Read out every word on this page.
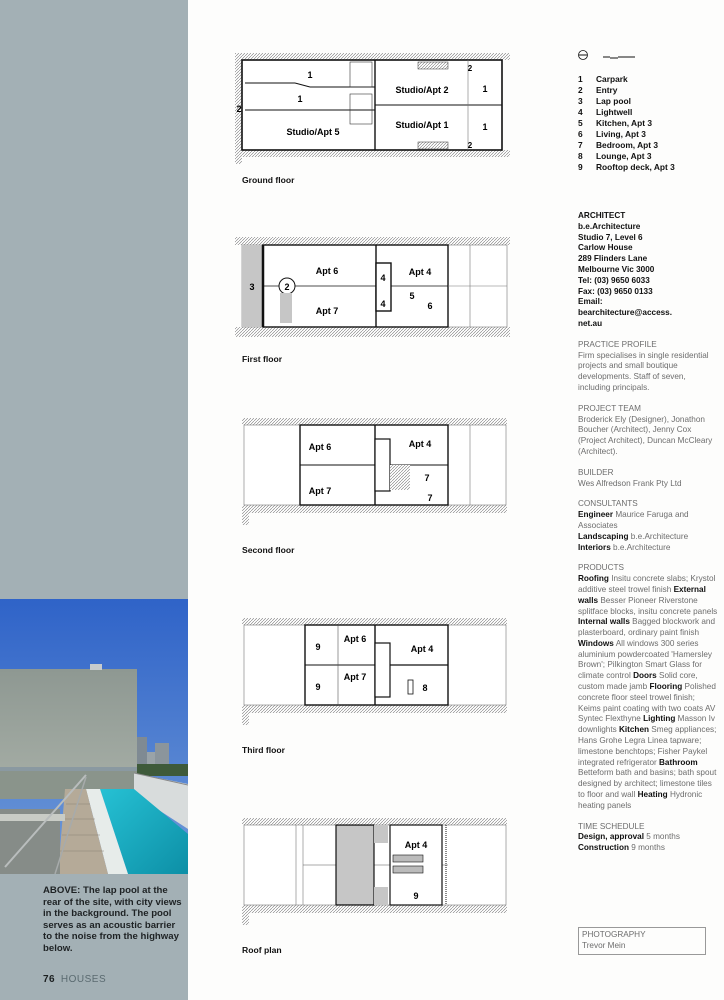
ABOVE: The lap pool at the rear of the site, with city views in the background. The pool serves as an acoustic barrier to the noise from the highway below.
76 HOUSES
1
1
2
Studio/Apt 5
Studio/Apt 2
Studio/Apt 1
1
1
2
2
Ground floor
3	2
Apt 6
Apt 7
4
4
Apt 4
5
6
First floor
Apt 6
Apt 7
Apt 4
7
7
Second floor
9
9
Apt 6
Apt 7
Apt 4
8
Third floor
Apt 4
9
Roof plan
1 Carpark
2 Entry
3 Lap pool
4 Lightwell
5 Kitchen, Apt 3
6 Living, Apt 3
7 Bedroom, Apt 3
8 Lounge, Apt 3
9 Rooftop deck, Apt 3
ARCHITECT
b.e.Architecture
Studio 7, Level 6
Carlow House
289 Flinders Lane
Melbourne Vic 3000
Tel: (03) 9650 6033
Fax: (03) 9650 0133
Email:
bearchitecture@access.
net.au
PRACTICE PROFILE
Firm specialises in single residential projects and small boutique developments. Staff of seven, including principals.
PROJECT TEAM
Broderick Ely (Designer), Jonathon Boucher (Architect), Jenny Cox (Project Architect), Duncan McCleary (Architect).
BUILDER
Wes Alfredson Frank Pty Ltd
CONSULTANTS
Engineer Maurice Faruga and Associates
Landscaping b.e.Architecture
Interiors b.e.Architecture
PRODUCTS
Roofing Insitu concrete slabs; Krystol additive steel trowel finish External walls Besser Pioneer Riverstone splitface blocks, insitu concrete panels Internal walls Bagged blockwork and plasterboard, ordinary paint finish Windows All windows 300 series aluminium powdercoated 'Hamersley Brown'; Pilkington Smart Glass for climate control Doors Solid core, custom made jamb Flooring Polished concrete floor steel trowel finish; Keims paint coating with two coats AV Syntec Flexthyne Lighting Masson Iv downlights Kitchen Smeg appliances; Hans Grohe Legra Linea tapware; limestone benchtops; Fisher Paykel integrated refrigerator Bathroom Betteform bath and basins; bath spout designed by architect; limestone tiles to floor and wall Heating Hydronic heating panels
TIME SCHEDULE
Design, approval 5 months
Construction 9 months
PHOTOGRAPHY
Trevor Mein
